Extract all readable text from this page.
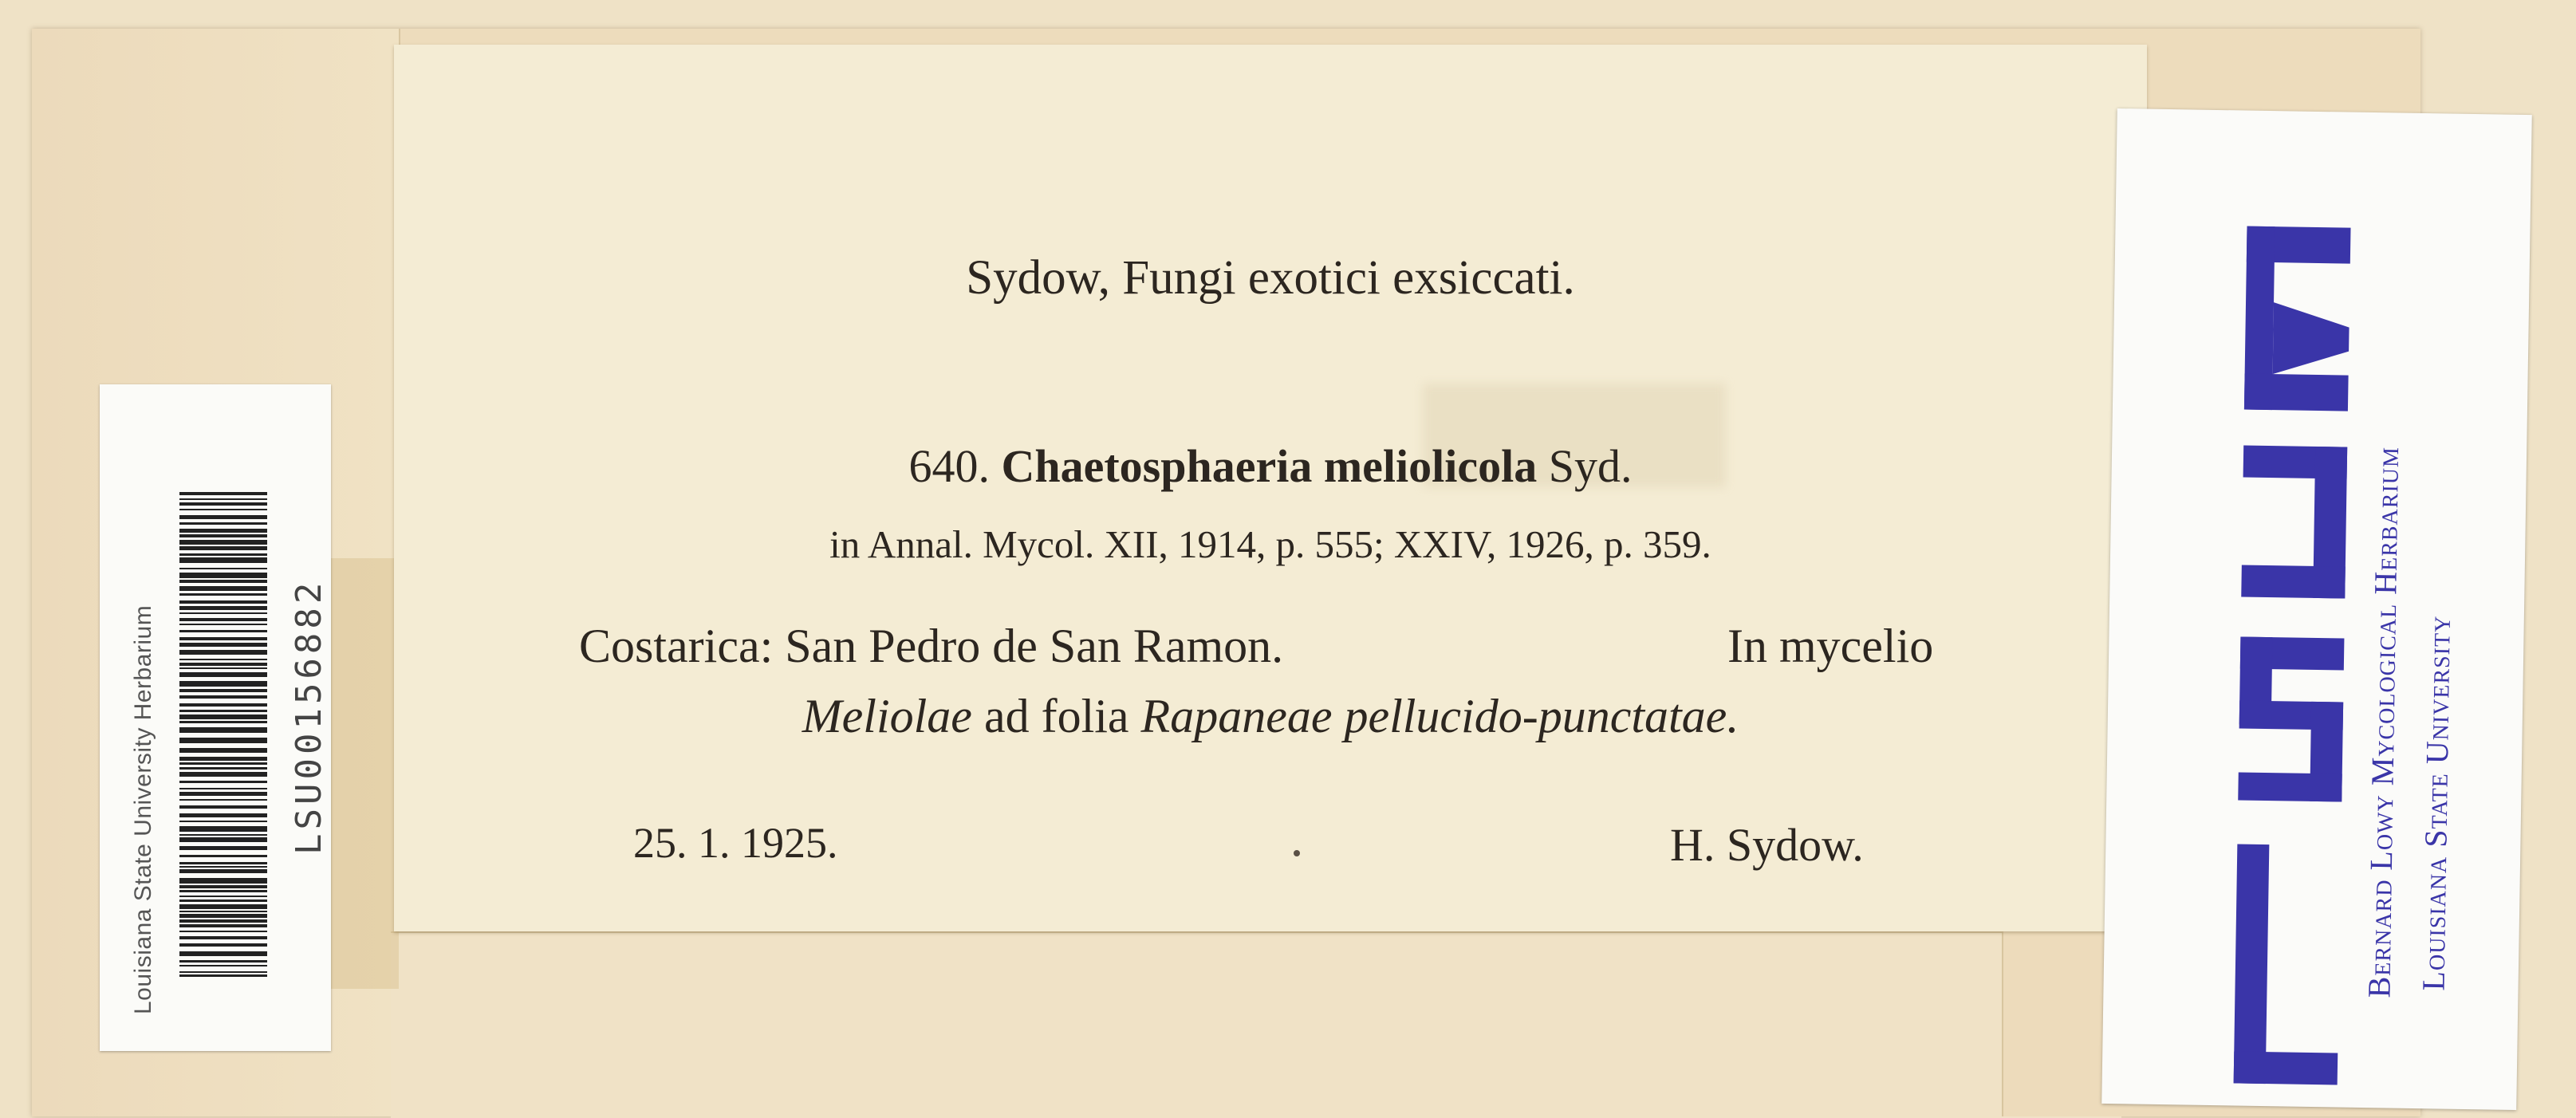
Sydow, Fungi exotici exsiccati.
640. Chaetosphaeria meliolicola Syd.
in Annal. Mycol. XII, 1914, p. 555; XXIV, 1926, p. 359.
Costarica: San Pedro de San Ramon.	In mycelio
Meliolae ad folia Rapaneae pellucido-punctatae.
25. 1. 1925.	H. Sydow.
Louisiana State University Herbarium	LSU00156882	Bernard Lowy Mycological Herbarium Louisiana State University
